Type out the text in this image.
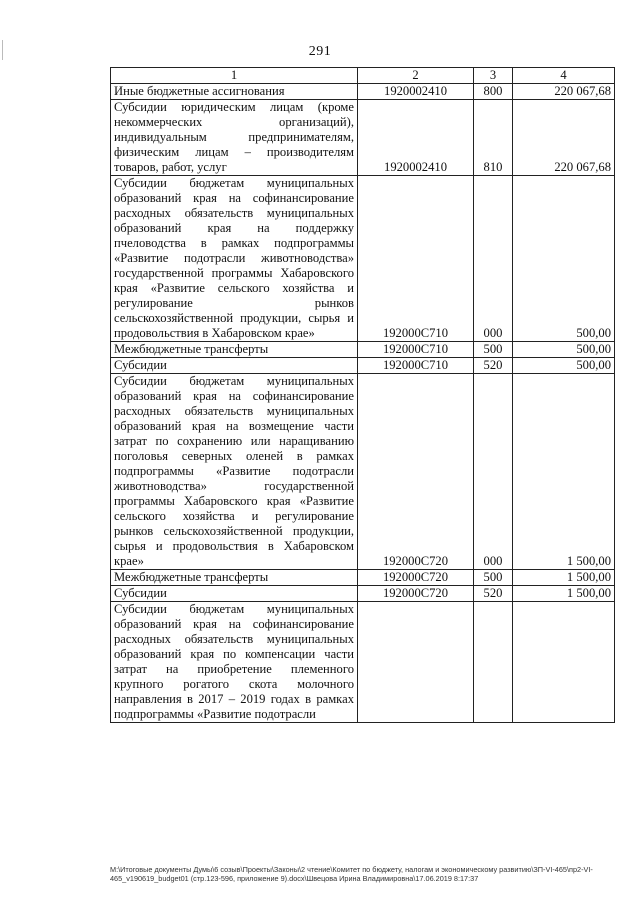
291
1	2	3	4
Иные бюджетные ассигнования	1920002410	800	220 067,68
Субсидии юридическим лицам (кроме некоммерческих организаций), индивидуальным предпринимателям, физическим лицам – производителям товаров, работ, услуг	1920002410	810	220 067,68
Субсидии бюджетам муниципальных образований края на софинансирование расходных обязательств муниципальных образований края на поддержку пчеловодства в рамках подпрограммы «Развитие подотрасли животноводства» государственной программы Хабаровского края «Развитие сельского хозяйства и регулирование рынков сельскохозяйственной продукции, сырья и продовольствия в Хабаровском крае»	192000С710	000	500,00
Межбюджетные трансферты	192000С710	500	500,00
Субсидии	192000С710	520	500,00
Субсидии бюджетам муниципальных образований края на софинансирование расходных обязательств муниципальных образований края на возмещение части затрат по сохранению или наращиванию поголовья северных оленей в рамках подпрограммы «Развитие подотрасли животноводства» государственной программы Хабаровского края «Развитие сельского хозяйства и регулирование рынков сельскохозяйственной продукции, сырья и продовольствия в Хабаровском крае»	192000С720	000	1 500,00
Межбюджетные трансферты	192000С720	500	1 500,00
Субсидии	192000С720	520	1 500,00
Субсидии бюджетам муниципальных образований края на софинансирование расходных обязательств муниципальных образований края по компенсации части затрат на приобретение племенного крупного рогатого скота молочного направления в 2017 – 2019 годах в рамках подпрограммы «Развитие подотрасли			
M:\Итоговые документы Думы\6 созыв\Проекты\Законы\2 чтение\Комитет по бюджету, налогам и экономическому развитию\ЗП-VI-465\пр2-VI-465_v190619_budget01 (стр.123-596, приложение 9).docx\Швецова Ирина Владимировна\17.06.2019 8:17:37
